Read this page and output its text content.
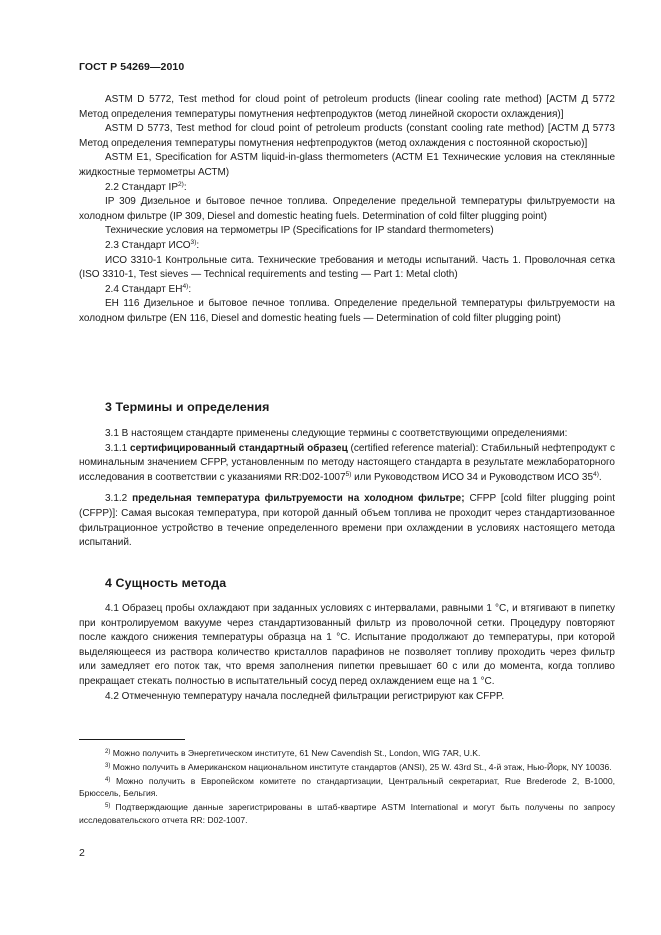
ГОСТ Р 54269—2010

ASTM D 5772, Test method for cloud point of petroleum products (linear cooling rate method) [АСТМ Д 5772 Метод определения температуры помутнения нефтепродуктов (метод линейной скорости охлаждения)]

ASTM D 5773, Test method for cloud point of petroleum products (constant cooling rate method) [АСТМ Д 5773 Метод определения температуры помутнения нефтепродуктов (метод охлаждения с постоянной скоростью)]

ASTM E1, Specification for ASTM liquid-in-glass thermometers (АСТМ Е1 Технические условия на стеклянные жидкостные термометры АСТМ)

2.2 Стандарт IP$^{2)}$:

IP 309 Дизельное и бытовое печное топлива. Определение предельной температуры фильтруемости на холодном фильтре (IP 309, Diesel and domestic heating fuels. Determination of cold filter plugging point)

Технические условия на термометры IP (Specifications for IP standard thermometers)

2.3 Стандарт ИСО$^{3)}$:

ИСО 3310-1 Контрольные сита. Технические требования и методы испытаний. Часть 1. Проволочная сетка (ISO 3310-1, Test sieves — Technical requirements and testing — Part 1: Metal cloth)

2.4 Стандарт ЕН$^{4)}$:

ЕН 116 Дизельное и бытовое печное топлива. Определение предельной температуры фильтруемости на холодном фильтре (EN 116, Diesel and domestic heating fuels — Determination of cold filter plugging point)

3 Термины и определения

3.1 В настоящем стандарте применены следующие термины с соответствующими определениями:

3.1.1 сертифицированный стандартный образец (certified reference material): Стабильный нефтепродукт с номинальным значением CFPP, установленным по методу настоящего стандарта в результате межлабораторного исследования в соответствии с указаниями RR:D02-1007$^{5)}$ или Руководством ИСО 34 и Руководством ИСО 35$^{4)}$.

3.1.2 предельная температура фильтруемости на холодном фильтре; CFPP [cold filter plugging point (CFPP)]: Самая высокая температура, при которой данный объем топлива не проходит через стандартизованное фильтрационное устройство в течение определенного времени при охлаждении в условиях настоящего метода испытаний.

4 Сущность метода

4.1 Образец пробы охлаждают при заданных условиях с интервалами, равными 1 °С, и втягивают в пипетку при контролируемом вакууме через стандартизованный фильтр из проволочной сетки. Процедуру повторяют после каждого снижения температуры образца на 1 °С. Испытание продолжают до температуры, при которой выделяющееся из раствора количество кристаллов парафинов не позволяет топливу проходить через фильтр или замедляет его поток так, что время заполнения пипетки превышает 60 с или до момента, когда топливо прекращает стекать полностью в испытательный сосуд перед охлаждением еще на 1 °С.

4.2 Отмеченную температуру начала последней фильтрации регистрируют как CFPP.

$^{2)}$ Можно получить в Энергетическом институте, 61 New Cavendish St., London, WIG 7AR, U.K.

$^{3)}$ Можно получить в Американском национальном институте стандартов (ANSI), 25 W. 43rd St., 4-й этаж, Нью-Йорк, NY 10036.

$^{4)}$ Можно получить в Европейском комитете по стандартизации, Центральный секретариат, Rue Brederode 2, В-1000, Брюссель, Бельгия.

$^{5)}$ Подтверждающие данные зарегистрированы в штаб-квартире ASTM International и могут быть получены по запросу исследовательского отчета RR: D02-1007.

2
